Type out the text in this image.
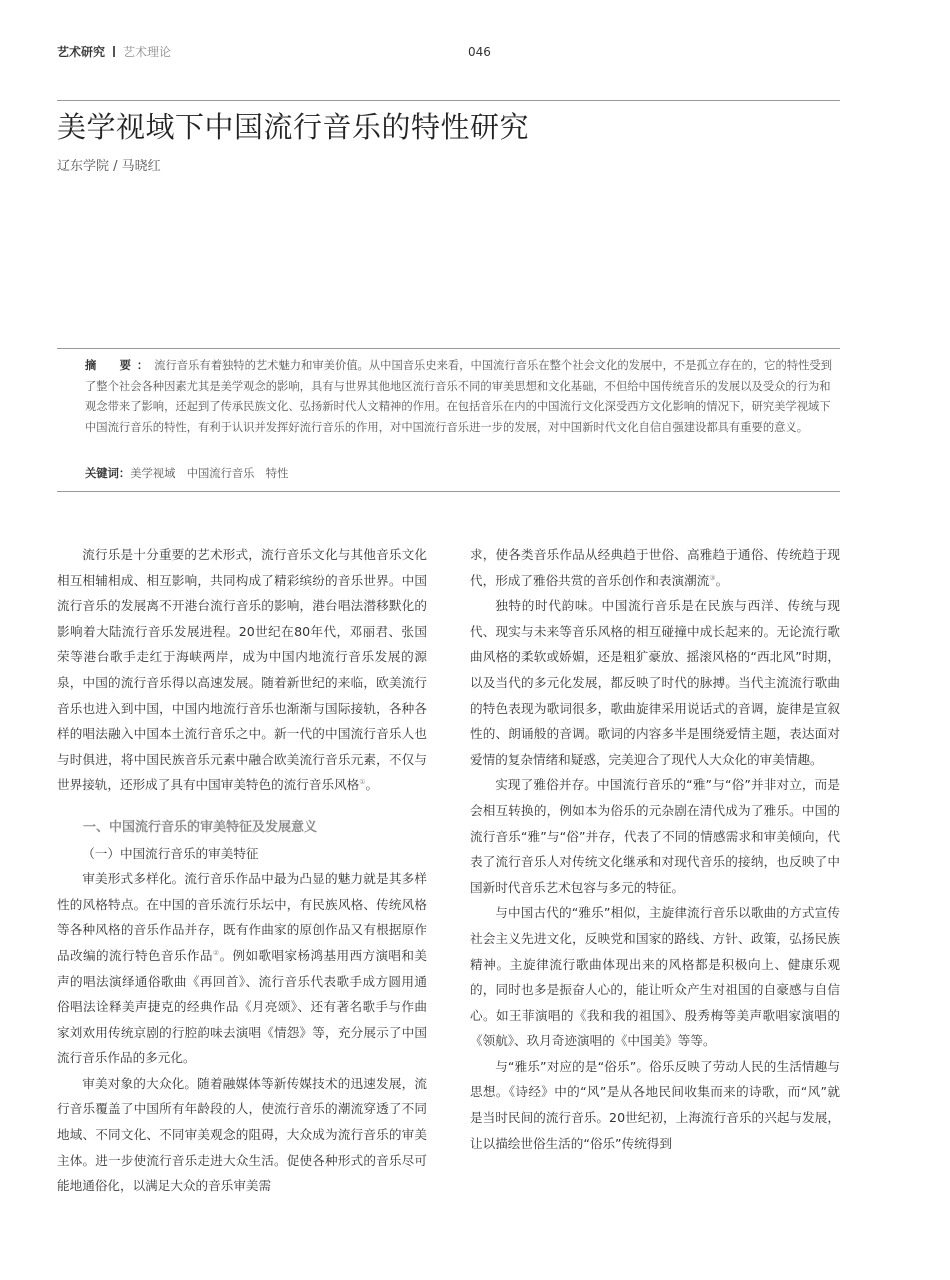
艺术研究 艺术理论	046
美学视域下中国流行音乐的特性研究
辽东学院 / 马晓红

摘　要：流行音乐有着独特的艺术魅力和审美价值。从中国音乐史来看，中国流行音乐在整个社会文化的发展中，不是孤立存在的，它的特性受到了整个社会各种因素尤其是美学观念的影响，具有与世界其他地区流行音乐不同的审美思想和文化基础，不但给中国传统音乐的发展以及受众的行为和观念带来了影响，还起到了传承民族文化、弘扬新时代人文精神的作用。在包括音乐在内的中国流行文化深受西方文化影响的情况下，研究美学视域下中国流行音乐的特性，有利于认识并发挥好流行音乐的作用，对中国流行音乐进一步的发展，对中国新时代文化自信自强建设都具有重要的意义。

关键词：美学视域　中国流行音乐　特性

流行乐是十分重要的艺术形式，流行音乐文化与其他音乐文化相互相辅相成、相互影响，共同构成了精彩缤纷的音乐世界。中国流行音乐的发展离不开港台流行音乐的影响，港台唱法潜移默化的影响着大陆流行音乐发展进程。20世纪在80年代，邓丽君、张国荣等港台歌手走红于海峡两岸，成为中国内地流行音乐发展的源泉，中国的流行音乐得以高速发展。随着新世纪的来临，欧美流行音乐也进入到中国，中国内地流行音乐也渐渐与国际接轨，各种各样的唱法融入中国本土流行音乐之中。新一代的中国流行音乐人也与时俱进，将中国民族音乐元素中融合欧美流行音乐元素，不仅与世界接轨，还形成了具有中国审美特色的流行音乐风格①。

一、中国流行音乐的审美特征及发展意义

（一）中国流行音乐的审美特征

审美形式多样化。流行音乐作品中最为凸显的魅力就是其多样性的风格特点。在中国的音乐流行乐坛中，有民族风格、传统风格等各种风格的音乐作品并存，既有作曲家的原创作品又有根据原作品改编的流行特色音乐作品②。例如歌唱家杨鸿基用西方演唱和美声的唱法演绎通俗歌曲《再回首》、流行音乐代表歌手成方圆用通俗唱法诠释美声捷克的经典作品《月亮颂》、还有著名歌手与作曲家刘欢用传统京剧的行腔韵味去演唱《情怨》等，充分展示了中国流行音乐作品的多元化。

审美对象的大众化。随着融媒体等新传媒技术的迅速发展，流行音乐覆盖了中国所有年龄段的人，使流行音乐的潮流穿透了不同地域、不同文化、不同审美观念的阻碍，大众成为流行音乐的审美主体。进一步使流行音乐走进大众生活。促使各种形式的音乐尽可能地通俗化，以满足大众的音乐审美需

求，使各类音乐作品从经典趋于世俗、高雅趋于通俗、传统趋于现代，形成了雅俗共赏的音乐创作和表演潮流③。

独特的时代韵味。中国流行音乐是在民族与西洋、传统与现代、现实与未来等音乐风格的相互碰撞中成长起来的。无论流行歌曲风格的柔软或娇媚，还是粗犷豪放、摇滚风格的“西北风”时期，以及当代的多元化发展，都反映了时代的脉搏。当代主流流行歌曲的特色表现为歌词很多，歌曲旋律采用说话式的音调，旋律是宣叙性的、朗诵般的音调。歌词的内容多半是围绕爱情主题，表达面对爱情的复杂情绪和疑惑，完美迎合了现代人大众化的审美情趣。

实现了雅俗并存。中国流行音乐的“雅”与“俗”并非对立，而是会相互转换的，例如本为俗乐的元杂剧在清代成为了雅乐。中国的流行音乐“雅”与“俗”并存，代表了不同的情感需求和审美倾向，代表了流行音乐人对传统文化继承和对现代音乐的接纳，也反映了中国新时代音乐艺术包容与多元的特征。

与中国古代的“雅乐”相似，主旋律流行音乐以歌曲的方式宣传社会主义先进文化，反映党和国家的路线、方针、政策，弘扬民族精神。主旋律流行歌曲体现出来的风格都是积极向上、健康乐观的，同时也多是振奋人心的，能让听众产生对祖国的自豪感与自信心。如王菲演唱的《我和我的祖国》、殷秀梅等美声歌唱家演唱的《领航》、玖月奇迹演唱的《中国美》等等。

与“雅乐”对应的是“俗乐”。俗乐反映了劳动人民的生活情趣与思想。《诗经》中的“风”是从各地民间收集而来的诗歌，而“风”就是当时民间的流行音乐。20世纪初，上海流行音乐的兴起与发展，让以描绘世俗生活的“俗乐”传统得到
